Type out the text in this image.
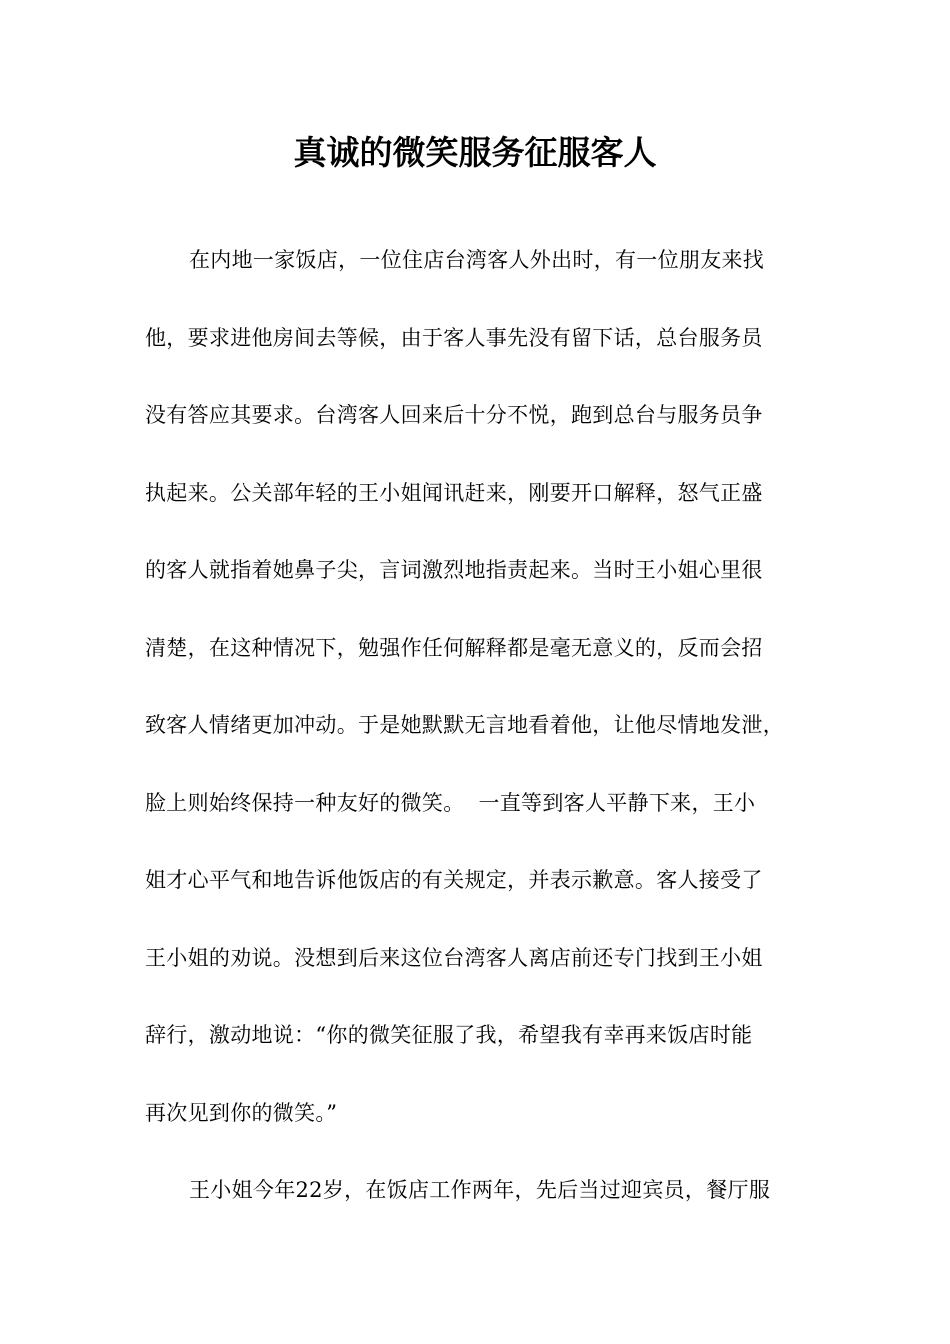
真诚的微笑服务征服客人
在内地一家饭店，一位住店台湾客人外出时，有一位朋友来找
他，要求进他房间去等候，由于客人事先没有留下话，总台服务员
没有答应其要求。台湾客人回来后十分不悦，跑到总台与服务员争
执起来。公关部年轻的王小姐闻讯赶来，刚要开口解释，怒气正盛
的客人就指着她鼻子尖，言词激烈地指责起来。当时王小姐心里很
清楚，在这种情况下，勉强作任何解释都是毫无意义的，反而会招
致客人情绪更加冲动。于是她默默无言地看着他，让他尽情地发泄，
脸上则始终保持一种友好的微笑。  一直等到客人平静下来，王小
姐才心平气和地告诉他饭店的有关规定，并表示歉意。客人接受了
王小姐的劝说。没想到后来这位台湾客人离店前还专门找到王小姐
辞行，激动地说：“你的微笑征服了我，希望我有幸再来饭店时能
再次见到你的微笑。”
王小姐今年22岁，在饭店工作两年，先后当过迎宾员，餐厅服
